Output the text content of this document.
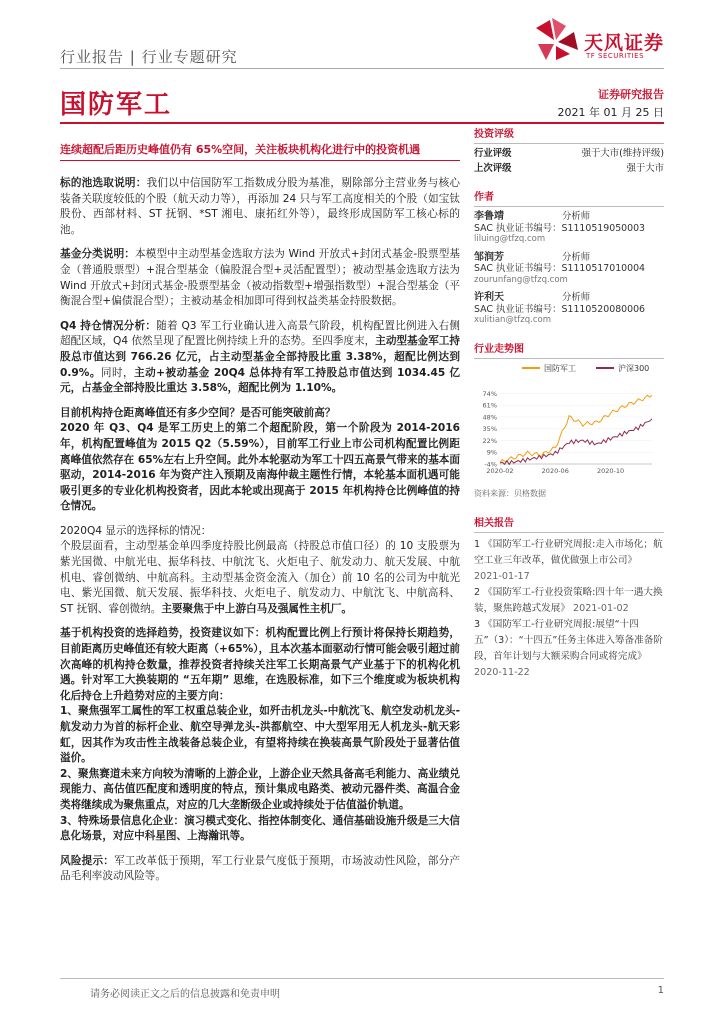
行业报告 | 行业专题研究
天风证券
TF SECURITIES
国防军工	证券研究报告
2021 年 01 月 25 日
连续超配后距历史峰值仍有 65%空间，关注板块机构化进行中的投资机遇

标的池选取说明：我们以中信国防军工指数成分股为基准，剔除部分主营业务与核心装备关联度较低的个股（航天动力等），再添加 24 只与军工高度相关的个股（如宝钛股份、西部材料、ST 抚钢、*ST 湘电、康拓红外等），最终形成国防军工核心标的池。

基金分类说明：本模型中主动型基金选取方法为 Wind 开放式+封闭式基金-股票型基金（普通股票型）+混合型基金（偏股混合型+灵活配置型）；被动型基金选取方法为 Wind 开放式+封闭式基金-股票型基金（被动指数型+增强指数型）+混合型基金（平衡混合型+偏债混合型）；主被动基金相加即可得到权益类基金持股数据。

Q4 持仓情况分析：随着 Q3 军工行业确认进入高景气阶段，机构配置比例进入右侧超配区域，Q4 依然呈现了配置比例持续上升的态势。至四季度末，主动型基金军工持股总市值达到 766.26 亿元，占主动型基金全部持股比重 3.38%，超配比例达到 0.9%。同时，主动+被动基金 20Q4 总体持有军工持股总市值达到 1034.45 亿元，占基金全部持股比重达 3.58%，超配比例为 1.10%。

目前机构持仓距离峰值还有多少空间？是否可能突破前高？
2020 年 Q3、Q4 是军工历史上的第二个超配阶段，第一个阶段为 2014-2016 年，机构配置峰值为 2015 Q2（5.59%），目前军工行业上市公司机构配置比例距离峰值依然存在 65%左右上升空间。此外本轮驱动为军工十四五高景气带来的基本面驱动，2014-2016 年为资产注入预期及南海仲裁主题性行情，本轮基本面机遇可能吸引更多的专业化机构投资者，因此本轮或出现高于 2015 年机构持仓比例峰值的持仓情况。

2020Q4 显示的选择标的情况：
个股层面看，主动型基金单四季度持股比例最高（持股总市值口径）的 10 支股票为紫光国微、中航光电、振华科技、中航沈飞、火炬电子、航发动力、航天发展、中航机电、睿创微纳、中航高科。主动型基金资金流入（加仓）前 10 名的公司为中航光电、紫光国微、航天发展、振华科技、火炬电子、航发动力、中航沈飞、中航高科、ST 抚钢、睿创微纳。主要聚焦于中上游白马及强属性主机厂。

基于机构投资的选择趋势，投资建议如下：机构配置比例上行预计将保持长期趋势，目前距离历史峰值还有较大距离（+65%），且本次基本面驱动行情可能会吸引超过前次高峰的机构持仓数量，推荐投资者持续关注军工长期高景气产业基于下的机构化机遇。针对军工大换装期的 “五年期” 思维，在选股标准，如下三个维度或为板块机构化后持仓上升趋势对应的主要方向：

1、聚焦强军工属性的军工权重总装企业，如歼击机龙头-中航沈飞、航空发动机龙头-航发动力为首的标杆企业、航空导弹龙头-洪都航空、中大型军用无人机龙头-航天彩虹，因其作为攻击性主战装备总装企业，有望将持续在换装高景气阶段处于显著估值溢价。

2、聚焦赛道未来方向较为清晰的上游企业，上游企业天然具备高毛利能力、高业绩兑现能力、高估值匹配度和透明度的特点，预计集成电路类、被动元器件类、高温合金类将继续成为聚焦重点，对应的几大垄断级企业或持续处于估值溢价轨道。

3、特殊场景信息化企业：演习模式变化、指控体制变化、通信基础设施升级是三大信息化场景，对应中科星图、上海瀚讯等。

风险提示：军工改革低于预期，军工行业景气度低于预期，市场波动性风险，部分产品毛利率波动风险等。

投资评级
行业评级	强于大市(维持评级)
上次评级	强于大市
作者
李鲁靖	分析师
SAC 执业证书编号：S1110519050003
liluing@tfzq.com
邹润芳	分析师
SAC 执业证书编号：S1110517010004
zourunfang@tfzq.com
许利天	分析师
SAC 执业证书编号：S1110520080006
xulitian@tfzq.com
行业走势图
国防军工	沪深300
-4%
9%
22%
35%
48%
61%
74%
2020-02	2020-06	2020-10
资料来源：贝格数据
相关报告
1 《国防军工-行业研究周报:走入市场化；航空工业三年改革，做优做强上市公司》 2021-01-17
2 《国防军工-行业投资策略:四十年一遇大换装，聚焦跨越式发展》 2021-01-02
3 《国防军工-行业研究周报:展望“十四五”（3）：“十四五”任务主体进入筹备准备阶段，首年计划与大额采购合同或将完成》 2020-11-22
请务必阅读正文之后的信息披露和免责申明	1
